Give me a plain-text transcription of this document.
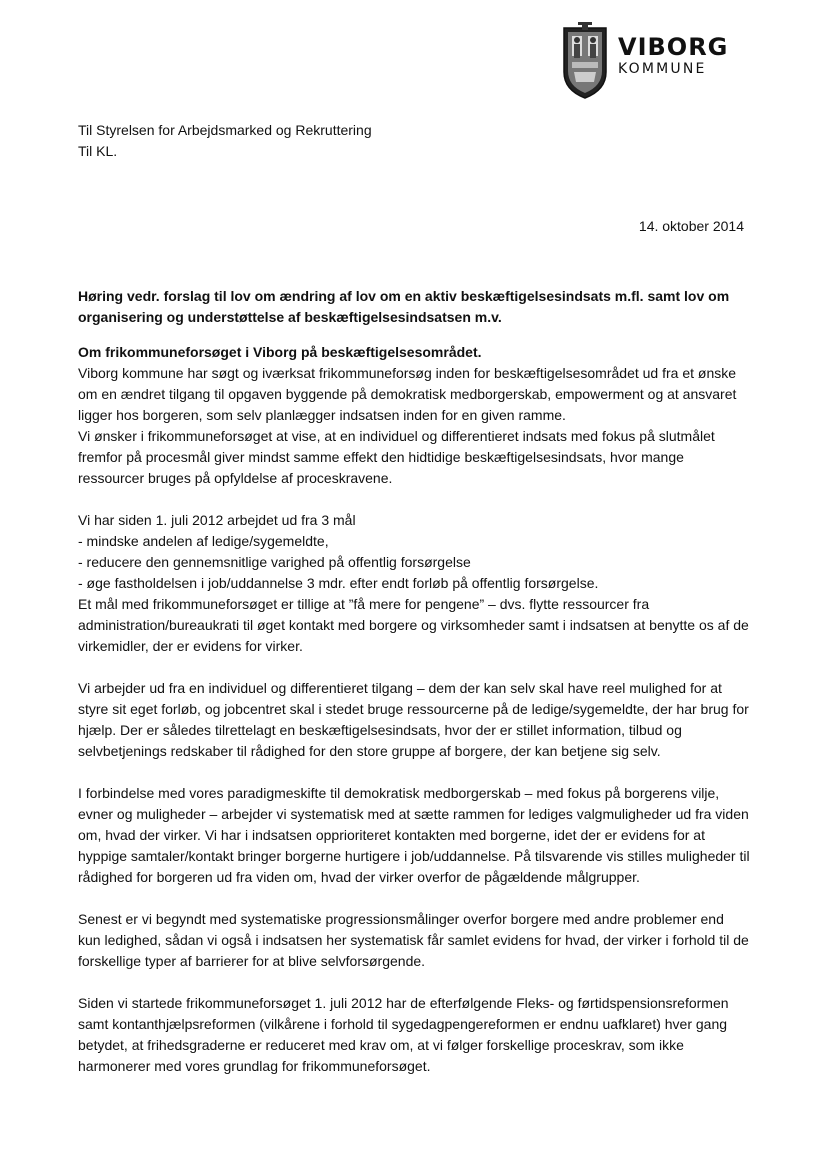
VIBORG
KOMMUNE
Til Styrelsen for Arbejdsmarked og Rekruttering
Til KL.
14. oktober 2014
Høring vedr. forslag til lov om ændring af lov om en aktiv beskæftigelsesindsats m.fl. samt lov om organisering og understøttelse af beskæftigelsesindsatsen m.v.

Om frikommuneforsøget i Viborg på beskæftigelsesområdet.

Viborg kommune har søgt og iværksat frikommuneforsøg inden for beskæftigelsesområdet ud fra et ønske om en ændret tilgang til opgaven byggende på demokratisk medborgerskab, empowerment og at ansvaret ligger hos borgeren, som selv planlægger indsatsen inden for en given ramme.

Vi ønsker i frikommuneforsøget at vise, at en individuel og differentieret indsats med fokus på slutmålet fremfor på procesmål giver mindst samme effekt den hidtidige beskæftigelsesindsats, hvor mange ressourcer bruges på opfyldelse af proceskravene.

Vi har siden 1. juli 2012 arbejdet ud fra 3 mål
- mindske andelen af ledige/sygemeldte,
- reducere den gennemsnitlige varighed på offentlig forsørgelse
- øge fastholdelsen i job/uddannelse 3 mdr. efter endt forløb på offentlig forsørgelse.
Et mål med frikommuneforsøget er tillige at ”få mere for pengene” – dvs. flytte ressourcer fra administration/bureaukrati til øget kontakt med borgere og virksomheder samt i indsatsen at benytte os af de virkemidler, der er evidens for virker.

Vi arbejder ud fra en individuel og differentieret tilgang – dem der kan selv skal have reel mulighed for at styre sit eget forløb, og jobcentret skal i stedet bruge ressourcerne på de ledige/sygemeldte, der har brug for hjælp. Der er således tilrettelagt en beskæftigelsesindsats, hvor der er stillet information, tilbud og selvbetjenings redskaber til rådighed for den store gruppe af borgere, der kan betjene sig selv.

I forbindelse med vores paradigmeskifte til demokratisk medborgerskab – med fokus på borgerens vilje, evner og muligheder – arbejder vi systematisk med at sætte rammen for lediges valgmuligheder ud fra viden om, hvad der virker. Vi har i indsatsen opprioriteret kontakten med borgerne, idet der er evidens for at hyppige samtaler/kontakt bringer borgerne hurtigere i job/uddannelse. På tilsvarende vis stilles muligheder til rådighed for borgeren ud fra viden om, hvad der virker overfor de pågældende målgrupper.

Senest er vi begyndt med systematiske progressionsmålinger overfor borgere med andre problemer end kun ledighed, sådan vi også i indsatsen her systematisk får samlet evidens for hvad, der virker i forhold til de forskellige typer af barrierer for at blive selvforsørgende.

Siden vi startede frikommuneforsøget 1. juli 2012 har de efterfølgende Fleks- og førtidspensionsreformen samt kontanthjælpsreformen (vilkårene i forhold til sygedagpengereformen er endnu uafklaret) hver gang betydet, at frihedsgraderne er reduceret med krav om, at vi følger forskellige proceskrav, som ikke harmonerer med vores grundlag for frikommuneforsøget.
